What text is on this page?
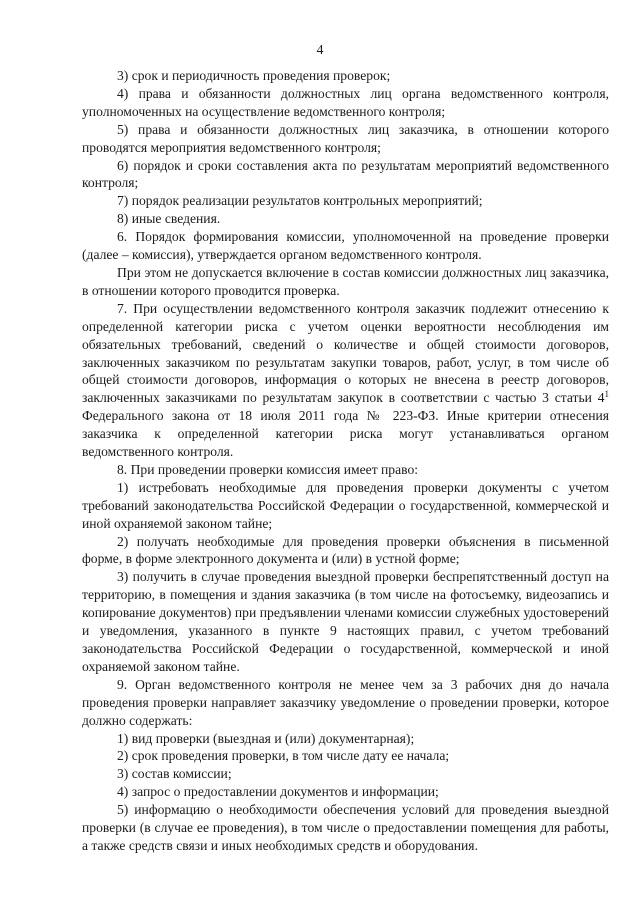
4

3) срок и периодичность проведения проверок;

4) права и обязанности должностных лиц органа ведомственного контроля, уполномоченных на осуществление ведомственного контроля;

5) права и обязанности должностных лиц заказчика, в отношении которого проводятся мероприятия ведомственного контроля;

6) порядок и сроки составления акта по результатам мероприятий ведомственного контроля;

7) порядок реализации результатов контрольных мероприятий;

8) иные сведения.

6. Порядок формирования комиссии, уполномоченной на проведение проверки (далее – комиссия), утверждается органом ведомственного контроля.

При этом не допускается включение в состав комиссии должностных лиц заказчика, в отношении которого проводится проверка.

7. При осуществлении ведомственного контроля заказчик подлежит отнесению к определенной категории риска с учетом оценки вероятности несоблюдения им обязательных требований, сведений о количестве и общей стоимости договоров, заключенных заказчиком по результатам закупки товаров, работ, услуг, в том числе об общей стоимости договоров, информация о которых не внесена в реестр договоров, заключенных заказчиками по результатам закупок в соответствии с частью 3 статьи $4^1$ Федерального закона от 18 июля 2011 года № 223-ФЗ. Иные критерии отнесения заказчика к определенной категории риска могут устанавливаться органом ведомственного контроля.

8. При проведении проверки комиссия имеет право:

1) истребовать необходимые для проведения проверки документы с учетом требований законодательства Российской Федерации о государственной, коммерческой и иной охраняемой законом тайне;

2) получать необходимые для проведения проверки объяснения в письменной форме, в форме электронного документа и (или) в устной форме;

3) получить в случае проведения выездной проверки беспрепятственный доступ на территорию, в помещения и здания заказчика (в том числе на фотосъемку, видеозапись и копирование документов) при предъявлении членами комиссии служебных удостоверений и уведомления, указанного в пункте 9 настоящих правил, с учетом требований законодательства Российской Федерации о государственной, коммерческой и иной охраняемой законом тайне.

9. Орган ведомственного контроля не менее чем за 3 рабочих дня до начала проведения проверки направляет заказчику уведомление о проведении проверки, которое должно содержать:

1) вид проверки (выездная и (или) документарная);

2) срок проведения проверки, в том числе дату ее начала;

3) состав комиссии;

4) запрос о предоставлении документов и информации;

5) информацию о необходимости обеспечения условий для проведения выездной проверки (в случае ее проведения), в том числе о предоставлении помещения для работы, а также средств связи и иных необходимых средств и оборудования.
